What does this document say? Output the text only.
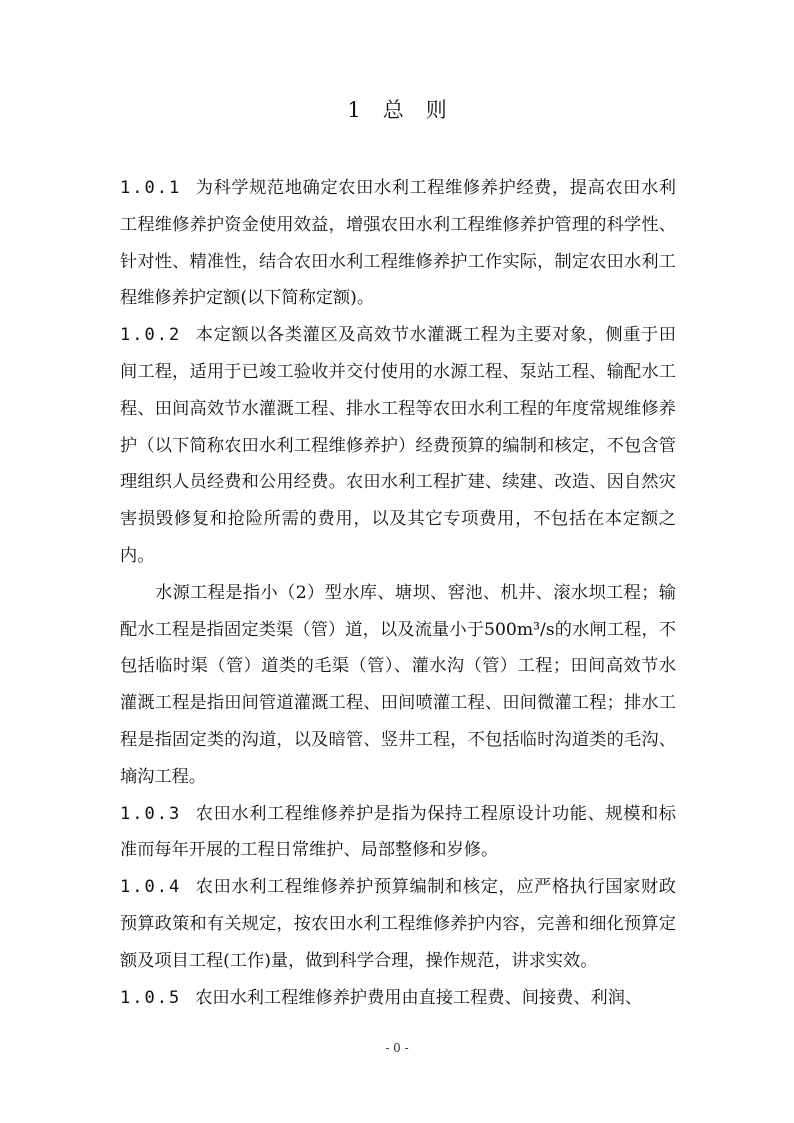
1 总 则

1.0.1 为科学规范地确定农田水利工程维修养护经费，提高农田水利工程维修养护资金使用效益，增强农田水利工程维修养护管理的科学性、针对性、精准性，结合农田水利工程维修养护工作实际，制定农田水利工程维修养护定额(以下简称定额)。

1.0.2 本定额以各类灌区及高效节水灌溉工程为主要对象，侧重于田间工程，适用于已竣工验收并交付使用的水源工程、泵站工程、输配水工程、田间高效节水灌溉工程、排水工程等农田水利工程的年度常规维修养护（以下简称农田水利工程维修养护）经费预算的编制和核定，不包含管理组织人员经费和公用经费。农田水利工程扩建、续建、改造、因自然灾害损毁修复和抢险所需的费用，以及其它专项费用，不包括在本定额之内。

水源工程是指小（2）型水库、塘坝、窖池、机井、滚水坝工程；输配水工程是指固定类渠（管）道，以及流量小于500m³/s的水闸工程，不包括临时渠（管）道类的毛渠（管）、灌水沟（管）工程；田间高效节水灌溉工程是指田间管道灌溉工程、田间喷灌工程、田间微灌工程；排水工程是指固定类的沟道，以及暗管、竖井工程，不包括临时沟道类的毛沟、墒沟工程。

1.0.3 农田水利工程维修养护是指为保持工程原设计功能、规模和标准而每年开展的工程日常维护、局部整修和岁修。

1.0.4 农田水利工程维修养护预算编制和核定，应严格执行国家财政预算政策和有关规定，按农田水利工程维修养护内容，完善和细化预算定额及项目工程(工作)量，做到科学合理，操作规范，讲求实效。

1.0.5 农田水利工程维修养护费用由直接工程费、间接费、利润、

- 0 -
